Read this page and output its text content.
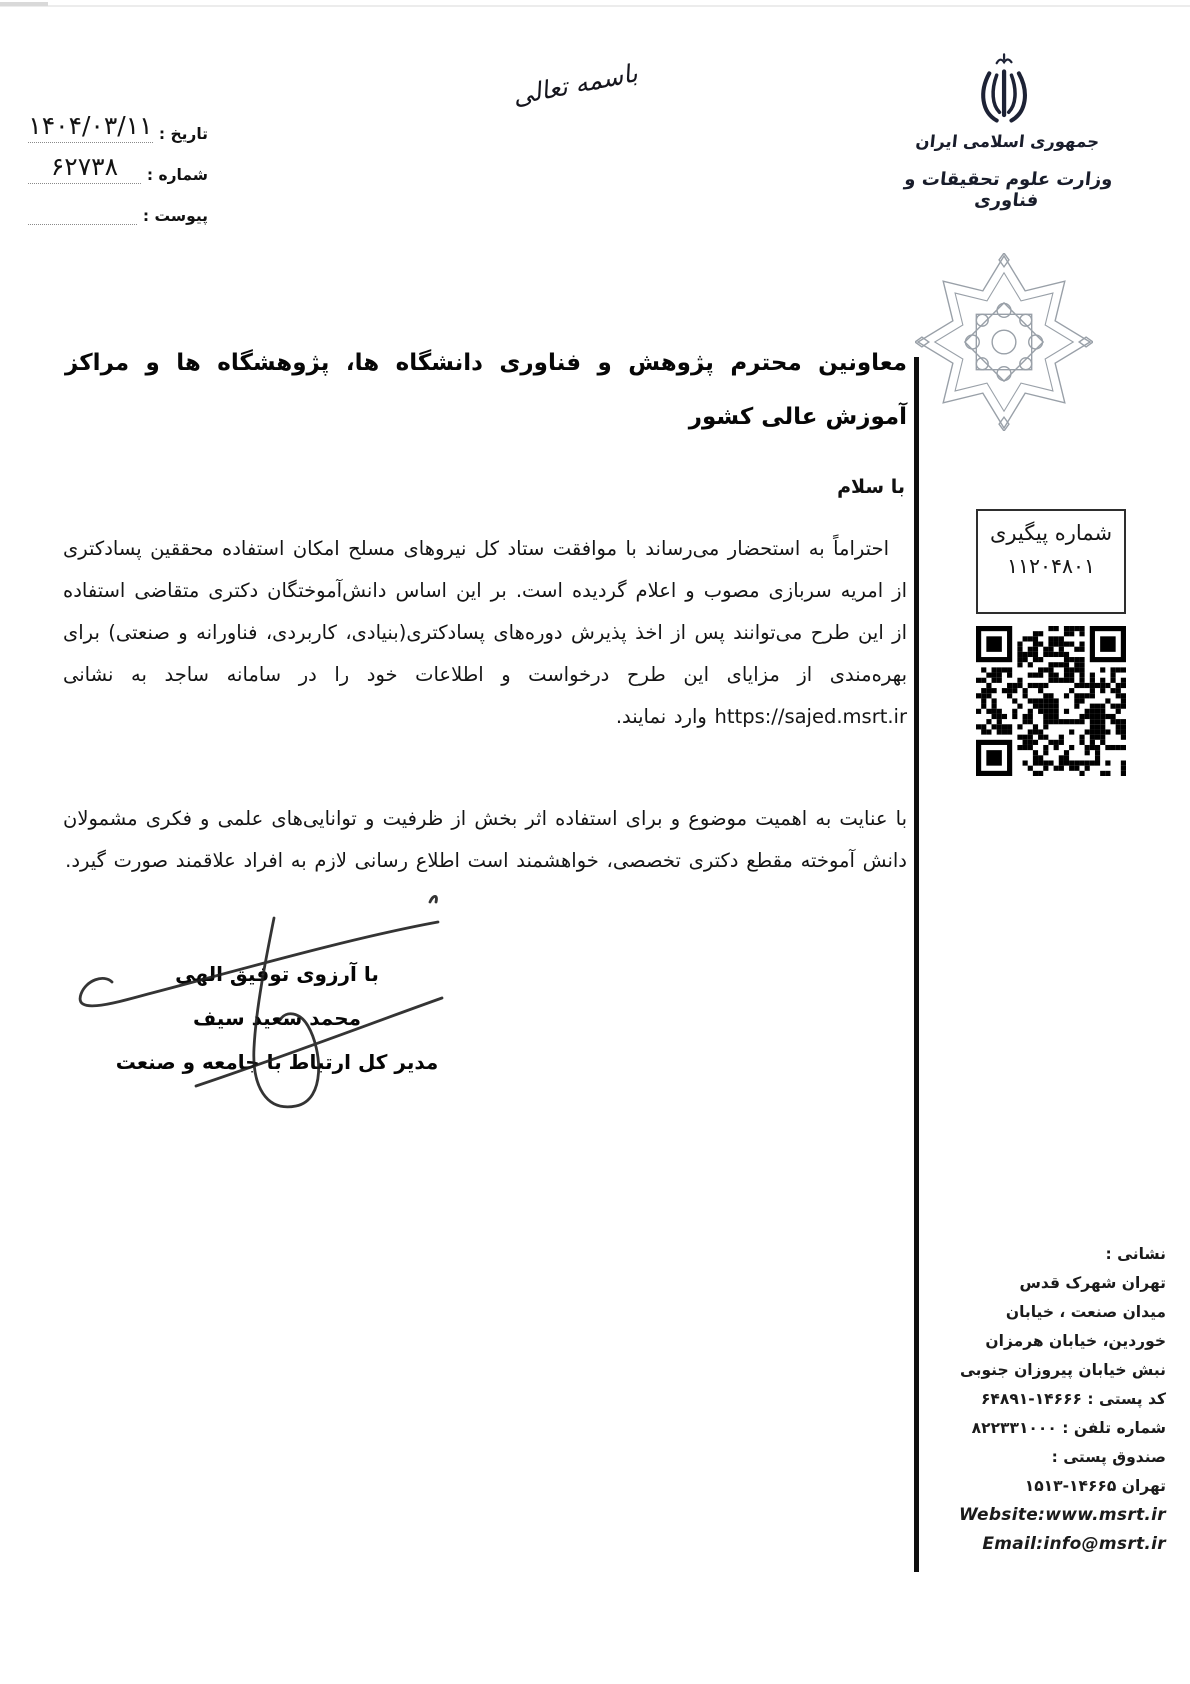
باسمه تعالی
جمهوری اسلامی ایران
وزارت علوم تحقیقات و فناوری
تاریخ :
۱۴۰۴/۰۳/۱۱
شماره :
۶۲۷۳۸
پیوست :
معاونین محترم پژوهش و فناوری دانشگاه ها، پژوهشگاه ها و مراکز آموزش عالی کشور
با سلام
احتراماً به استحضار می‌رساند با موافقت ستاد کل نیروهای مسلح امکان استفاده محققین پسادکتری از امریه سربازی مصوب و اعلام گردیده است. بر این اساس دانش‌آموختگان دکتری متقاضی استفاده از این طرح می‌توانند پس از اخذ پذیرش دوره‌های پسادکتری(بنیادی، کاربردی، فناورانه و صنعتی) برای بهره‌مندی از مزایای این طرح درخواست و اطلاعات خود را در سامانه ساجد به نشانی https://sajed.msrt.ir وارد نمایند.
با عنایت به اهمیت موضوع و برای استفاده اثر بخش از ظرفیت و توانایی‌های علمی و فکری مشمولان دانش آموخته مقطع دکتری تخصصی، خواهشمند است اطلاع رسانی لازم به افراد علاقمند صورت گیرد.
با آرزوی توفیق الهی
محمد سعید سیف
مدیر کل ارتباط با جامعه و صنعت
شماره پیگیری
۱۱۲۰۴۸۰۱
نشانی :
تهران شهرک قدس
میدان صنعت ، خیابان
خوردین، خیابان هرمزان
نبش خیابان پیروزان جنوبی
کد پستی : ۱۴۶۶۶-۶۴۸۹۱
شماره تلفن : ۸۲۲۳۳۱۰۰۰
صندوق پستی :
تهران ۱۴۶۶۵-۱۵۱۳
Website:www.msrt.ir
Email:info@msrt.ir
